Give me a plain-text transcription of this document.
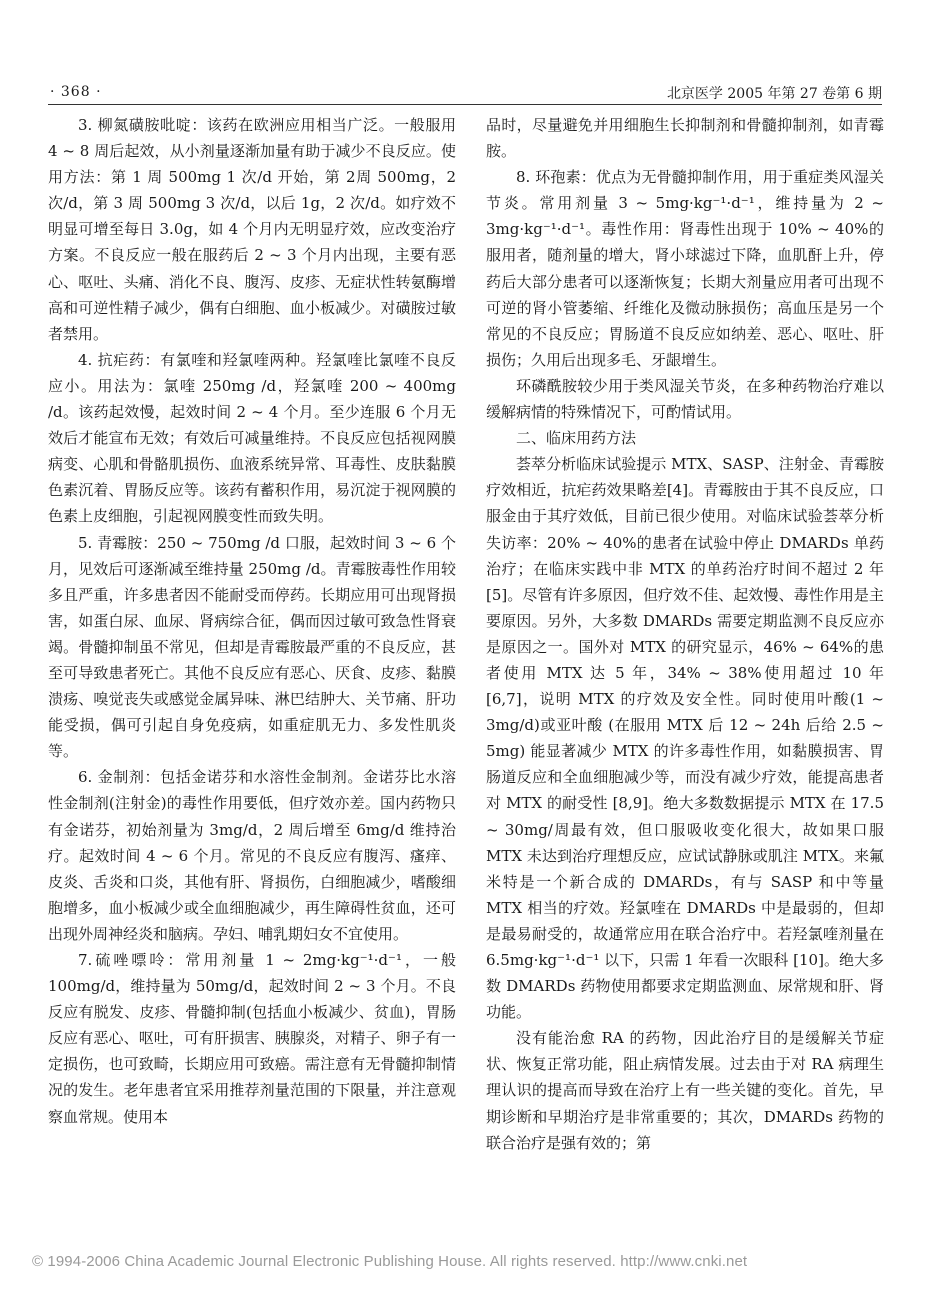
· 368 ·	北京医学 2005 年第 27 卷第 6 期

3. 柳氮磺胺吡啶：该药在欧洲应用相当广泛。一般服用 4 ~ 8 周后起效，从小剂量逐渐加量有助于减少不良反应。使用方法：第 1 周 500mg 1 次/d 开始，第 2周 500mg，2 次/d，第 3 周 500mg 3 次/d，以后 1g，2 次/d。如疗效不明显可增至每日 3.0g，如 4 个月内无明显疗效，应改变治疗方案。不良反应一般在服药后 2 ~ 3 个月内出现，主要有恶心、呕吐、头痛、消化不良、腹泻、皮疹、无症状性转氨酶增高和可逆性精子减少，偶有白细胞、血小板减少。对磺胺过敏者禁用。

4. 抗疟药：有氯喹和羟氯喹两种。羟氯喹比氯喹不良反应小。用法为：氯喹 250mg /d，羟氯喹 200 ~ 400mg /d。该药起效慢，起效时间 2 ~ 4 个月。至少连服 6 个月无效后才能宣布无效；有效后可减量维持。不良反应包括视网膜病变、心肌和骨骼肌损伤、血液系统异常、耳毒性、皮肤黏膜色素沉着、胃肠反应等。该药有蓄积作用，易沉淀于视网膜的色素上皮细胞，引起视网膜变性而致失明。

5. 青霉胺：250 ~ 750mg /d 口服，起效时间 3 ~ 6 个月，见效后可逐渐减至维持量 250mg /d。青霉胺毒性作用较多且严重，许多患者因不能耐受而停药。长期应用可出现肾损害，如蛋白尿、血尿、肾病综合征，偶而因过敏可致急性肾衰竭。骨髓抑制虽不常见，但却是青霉胺最严重的不良反应，甚至可导致患者死亡。其他不良反应有恶心、厌食、皮疹、黏膜溃疡、嗅觉丧失或感觉金属异味、淋巴结肿大、关节痛、肝功能受损，偶可引起自身免疫病，如重症肌无力、多发性肌炎等。

6. 金制剂：包括金诺芬和水溶性金制剂。金诺芬比水溶性金制剂(注射金)的毒性作用要低，但疗效亦差。国内药物只有金诺芬，初始剂量为 3mg/d，2 周后增至 6mg/d 维持治疗。起效时间 4 ~ 6 个月。常见的不良反应有腹泻、瘙痒、皮炎、舌炎和口炎，其他有肝、肾损伤，白细胞减少，嗜酸细胞增多，血小板减少或全血细胞减少，再生障碍性贫血，还可出现外周神经炎和脑病。孕妇、哺乳期妇女不宜使用。

7.硫唑嘌呤：常用剂量 1 ~ 2mg·kg⁻¹·d⁻¹，一般 100mg/d，维持量为 50mg/d，起效时间 2 ~ 3 个月。不良反应有脱发、皮疹、骨髓抑制(包括血小板减少、贫血)，胃肠反应有恶心、呕吐，可有肝损害、胰腺炎，对精子、卵子有一定损伤，也可致畸，长期应用可致癌。需注意有无骨髓抑制情况的发生。老年患者宜采用推荐剂量范围的下限量，并注意观察血常规。使用本

品时，尽量避免并用细胞生长抑制剂和骨髓抑制剂，如青霉胺。

8. 环孢素：优点为无骨髓抑制作用，用于重症类风湿关节炎。常用剂量 3 ~ 5mg·kg⁻¹·d⁻¹，维持量为 2 ~ 3mg·kg⁻¹·d⁻¹。毒性作用：肾毒性出现于 10% ~ 40%的服用者，随剂量的增大，肾小球滤过下降，血肌酐上升，停药后大部分患者可以逐渐恢复；长期大剂量应用者可出现不可逆的肾小管萎缩、纤维化及微动脉损伤；高血压是另一个常见的不良反应；胃肠道不良反应如纳差、恶心、呕吐、肝损伤；久用后出现多毛、牙龈增生。

环磷酰胺较少用于类风湿关节炎，在多种药物治疗难以缓解病情的特殊情况下，可酌情试用。

二、临床用药方法

荟萃分析临床试验提示 MTX、SASP、注射金、青霉胺疗效相近，抗疟药效果略差[4]。青霉胺由于其不良反应，口服金由于其疗效低，目前已很少使用。对临床试验荟萃分析失访率：20% ~ 40%的患者在试验中停止 DMARDs 单药治疗；在临床实践中非 MTX 的单药治疗时间不超过 2 年[5]。尽管有许多原因，但疗效不佳、起效慢、毒性作用是主要原因。另外，大多数 DMARDs 需要定期监测不良反应亦是原因之一。国外对 MTX 的研究显示，46% ~ 64%的患者使用 MTX 达 5 年，34% ~ 38%使用超过 10 年 [6,7]，说明 MTX 的疗效及安全性。同时使用叶酸(1 ~ 3mg/d)或亚叶酸 (在服用 MTX 后 12 ~ 24h 后给 2.5 ~ 5mg) 能显著减少 MTX 的许多毒性作用，如黏膜损害、胃肠道反应和全血细胞减少等，而没有减少疗效，能提高患者对 MTX 的耐受性 [8,9]。绝大多数数据提示 MTX 在 17.5 ~ 30mg/周最有效，但口服吸收变化很大，故如果口服 MTX 未达到治疗理想反应，应试试静脉或肌注 MTX。来氟米特是一个新合成的 DMARDs，有与 SASP 和中等量 MTX 相当的疗效。羟氯喹在 DMARDs 中是最弱的，但却是最易耐受的，故通常应用在联合治疗中。若羟氯喹剂量在 6.5mg·kg⁻¹·d⁻¹ 以下，只需 1 年看一次眼科 [10]。绝大多数 DMARDs 药物使用都要求定期监测血、尿常规和肝、肾功能。

没有能治愈 RA 的药物，因此治疗目的是缓解关节症状、恢复正常功能，阻止病情发展。过去由于对 RA 病理生理认识的提高而导致在治疗上有一些关键的变化。首先，早期诊断和早期治疗是非常重要的；其次，DMARDs 药物的联合治疗是强有效的；第

© 1994-2006 China Academic Journal Electronic Publishing House. All rights reserved. http://www.cnki.net
